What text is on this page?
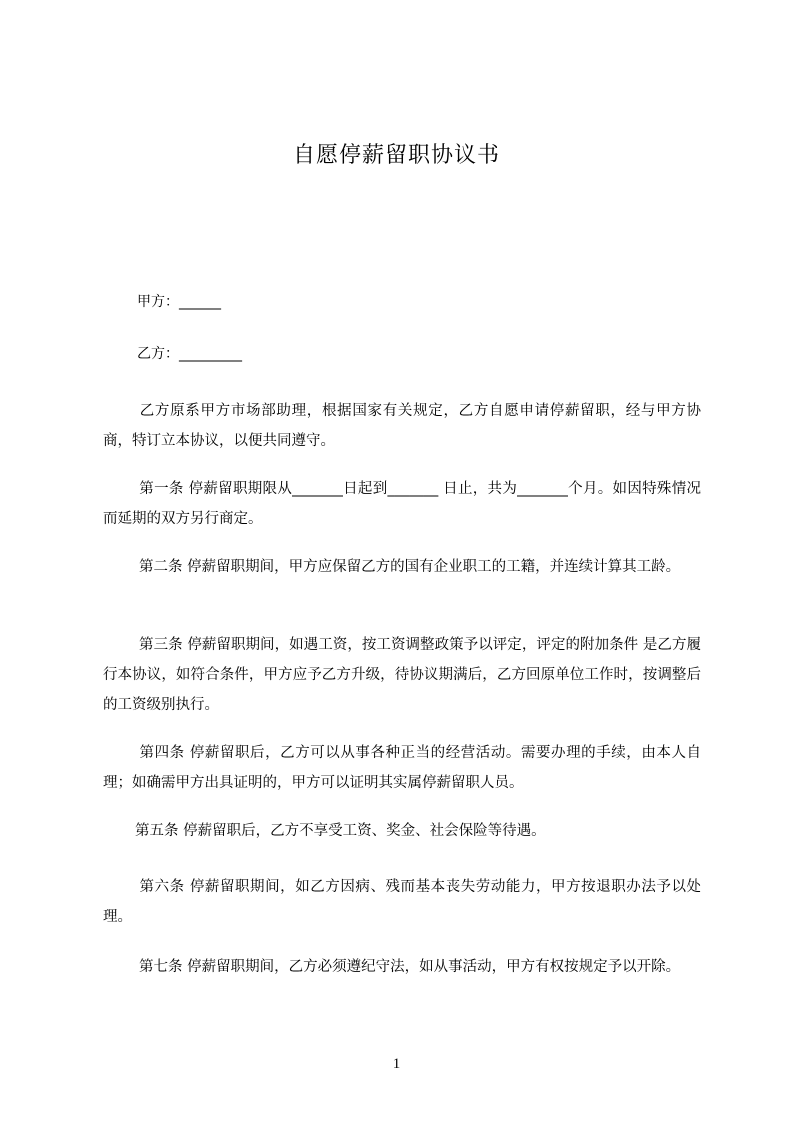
自愿停薪留职协议书
甲方：______
乙方：_________
乙方原系甲方市场部助理，根据国家有关规定，乙方自愿申请停薪留职，经与甲方协商，特订立本协议，以便共同遵守。
第一条 停薪留职期限从_______日起到_______ 日止，共为_______个月。如因特殊情况而延期的双方另行商定。
第二条 停薪留职期间，甲方应保留乙方的国有企业职工的工籍，并连续计算其工龄。
第三条 停薪留职期间，如遇工资，按工资调整政策予以评定，评定的附加条件 是乙方履行本协议，如符合条件，甲方应予乙方升级，待协议期满后，乙方回原单位工作时，按调整后的工资级别执行。
第四条 停薪留职后，乙方可以从事各种正当的经营活动。需要办理的手续，由本人自理；如确需甲方出具证明的，甲方可以证明其实属停薪留职人员。
第五条 停薪留职后，乙方不享受工资、奖金、社会保险等待遇。
第六条 停薪留职期间，如乙方因病、残而基本丧失劳动能力，甲方按退职办法予以处理。
第七条 停薪留职期间，乙方必须遵纪守法，如从事活动，甲方有权按规定予以开除。
1
